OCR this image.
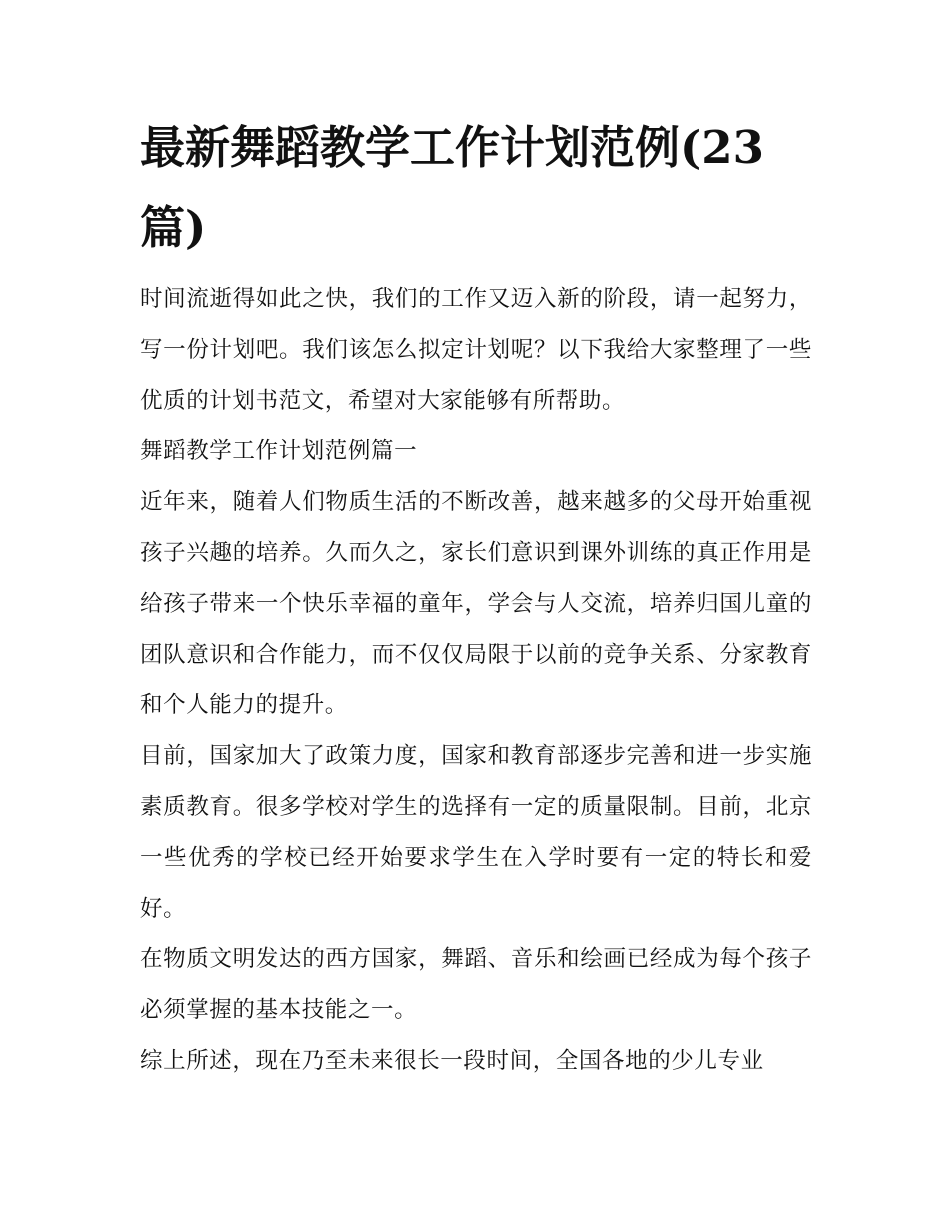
最新舞蹈教学工作计划范例(23篇)

时间流逝得如此之快，我们的工作又迈入新的阶段，请一起努力，写一份计划吧。我们该怎么拟定计划呢？以下我给大家整理了一些优质的计划书范文，希望对大家能够有所帮助。

舞蹈教学工作计划范例篇一

近年来，随着人们物质生活的不断改善，越来越多的父母开始重视孩子兴趣的培养。久而久之，家长们意识到课外训练的真正作用是给孩子带来一个快乐幸福的童年，学会与人交流，培养归国儿童的团队意识和合作能力，而不仅仅局限于以前的竞争关系、分家教育和个人能力的提升。

目前，国家加大了政策力度，国家和教育部逐步完善和进一步实施素质教育。很多学校对学生的选择有一定的质量限制。目前，北京一些优秀的学校已经开始要求学生在入学时要有一定的特长和爱好。

在物质文明发达的西方国家，舞蹈、音乐和绘画已经成为每个孩子必须掌握的基本技能之一。

综上所述，现在乃至未来很长一段时间，全国各地的少儿专业
